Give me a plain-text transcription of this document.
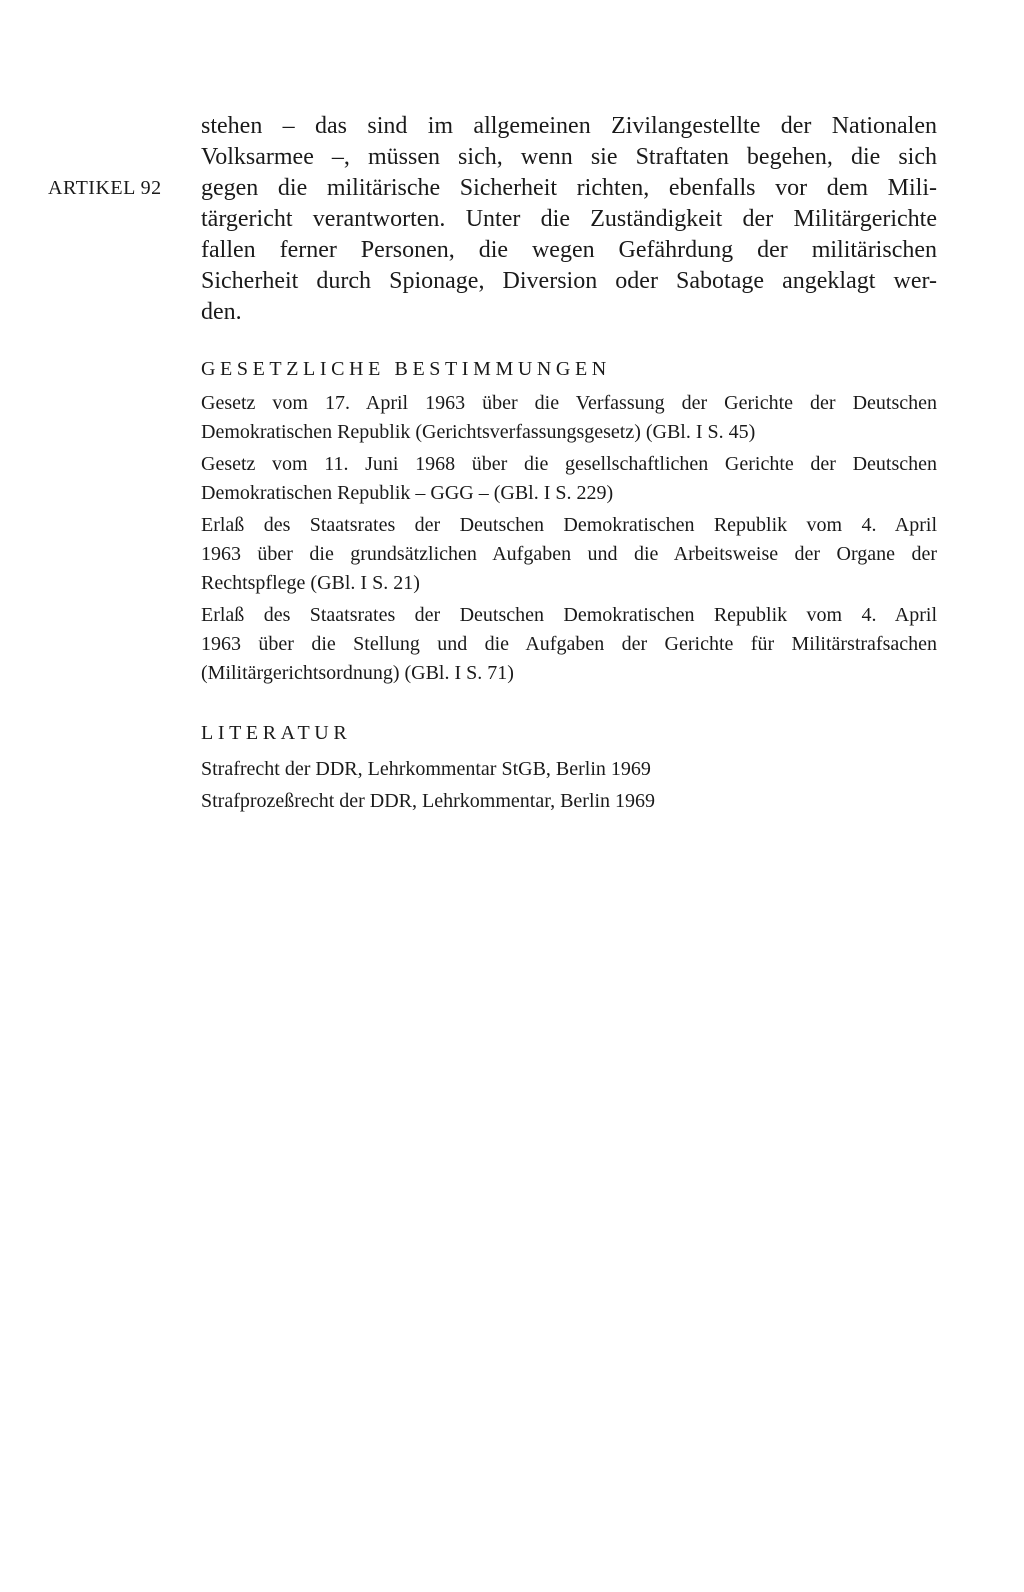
ARTIKEL 92
stehen – das sind im allgemeinen Zivilangestellte der Nationalen
Volksarmee –, müssen sich, wenn sie Straftaten begehen, die sich
gegen die militärische Sicherheit richten, ebenfalls vor dem Mili-
tärgericht verantworten. Unter die Zuständigkeit der Militärgerichte
fallen ferner Personen, die wegen Gefährdung der militärischen
Sicherheit durch Spionage, Diversion oder Sabotage angeklagt wer-
den.
GESETZLICHE BESTIMMUNGEN
Gesetz vom 17. April 1963 über die Verfassung der Gerichte der Deutschen
Demokratischen Republik (Gerichtsverfassungsgesetz) (GBl. I S. 45)
Gesetz vom 11. Juni 1968 über die gesellschaftlichen Gerichte der Deutschen
Demokratischen Republik – GGG – (GBl. I S. 229)
Erlaß des Staatsrates der Deutschen Demokratischen Republik vom 4. April
1963 über die grundsätzlichen Aufgaben und die Arbeitsweise der Organe der
Rechtspflege (GBl. I S. 21)
Erlaß des Staatsrates der Deutschen Demokratischen Republik vom 4. April
1963 über die Stellung und die Aufgaben der Gerichte für Militärstrafsachen
(Militärgerichtsordnung) (GBl. I S. 71)
LITERATUR
Strafrecht der DDR, Lehrkommentar StGB, Berlin 1969
Strafprozeßrecht der DDR, Lehrkommentar, Berlin 1969
